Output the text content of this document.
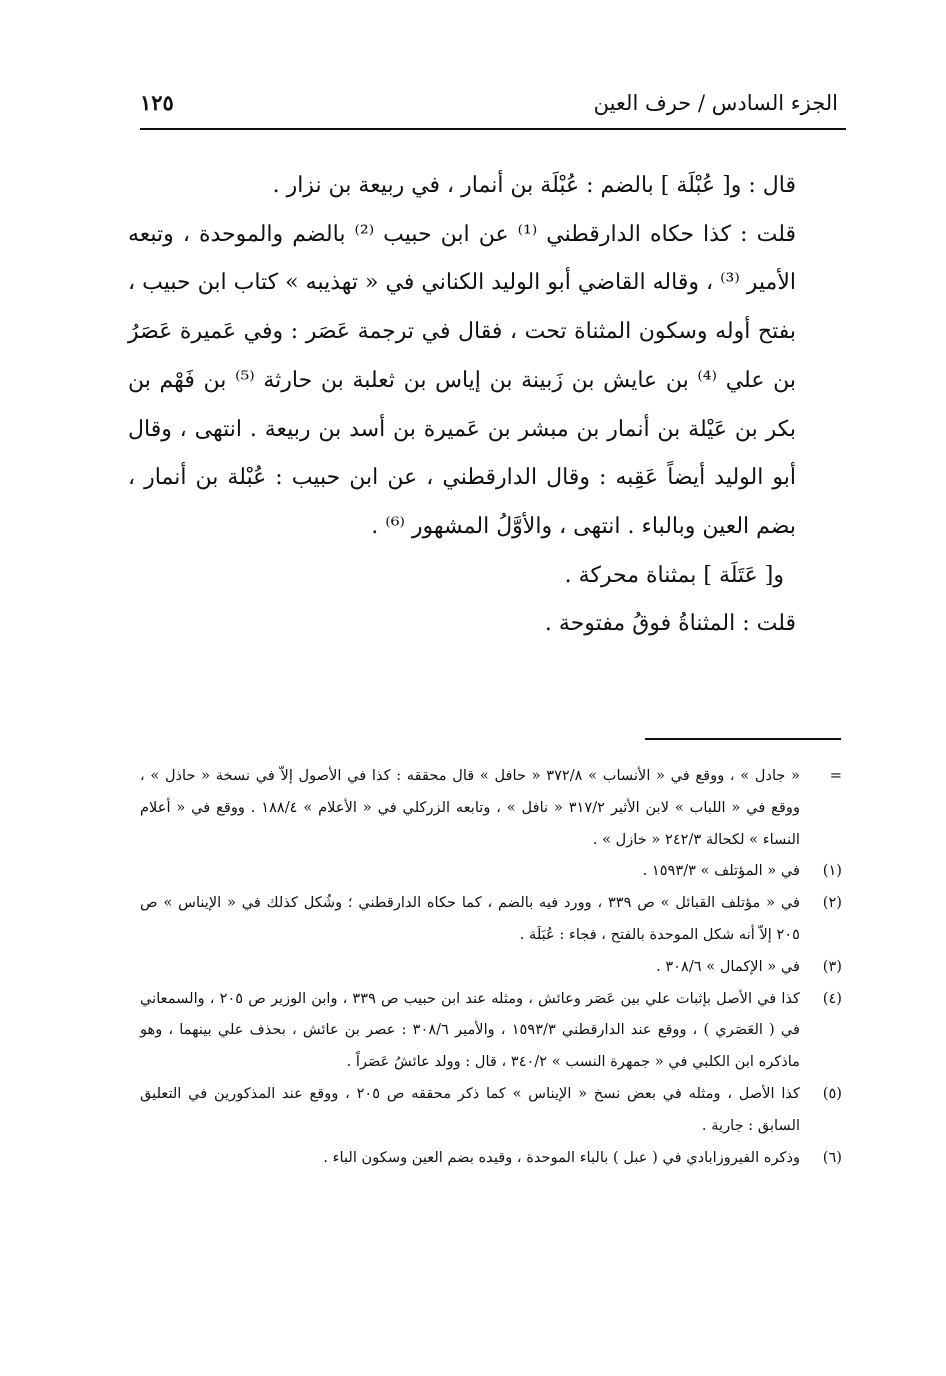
الجزء السادس / حرف العين
١٢٥

قال : و[ عُبْلَة ] بالضم : عُبْلَة بن أنمار ، في ربيعة بن نزار .

قلت : كذا حكاه الدارقطني ⁽¹⁾ عن ابن حبيب ⁽²⁾ بالضم والموحدة ، وتبعه الأمير ⁽³⁾ ، وقاله القاضي أبو الوليد الكناني في « تهذيبه » كتاب ابن حبيب ، بفتح أوله وسكون المثناة تحت ، فقال في ترجمة عَصَر : وفي عَميرة عَصَرُ بن علي ⁽⁴⁾ بن عايش بن زَبينة بن إياس بن ثعلبة بن حارثة ⁽⁵⁾ بن فَهْم بن بكر بن عَيْلة بن أنمار بن مبشر بن عَميرة بن أسد بن ربيعة . انتهى ، وقال أبو الوليد أيضاً عَقِبه : وقال الدارقطني ، عن ابن حبيب : عُبْلة بن أنمار ، بضم العين وبالباء . انتهى ، والأوَّلُ المشهور ⁽⁶⁾ .

و[ عَتَلَة ] بمثناة محركة .

قلت : المثناةُ فوقُ مفتوحة .

=
« جادل » ، ووقع في « الأنساب » ٣٧٢/٨ « حافل » قال محققه : كذا في الأصول إلاّ في نسخة « حاذل » ، ووقع في « اللباب » لابن الأثير ٣١٧/٢ « نافل » ، وتابعه الزركلي في « الأعلام » ١٨٨/٤ . ووقع في « أعلام النساء » لكحالة ٢٤٢/٣ « خازل » .

(١)
في « المؤتلف » ١٥٩٣/٣ .

(٢)
في « مؤتلف القبائل » ص ٣٣٩ ، وورد فيه بالضم ، كما حكاه الدارقطني ؛ وشُكل كذلك في « الإيناس » ص ٢٠٥ إلاّ أنه شكل الموحدة بالفتح ، فجاء : عُبَلَة .

(٣)
في « الإكمال » ٣٠٨/٦ .

(٤)
كذا في الأصل بإثبات علي بين عَصَر وعائش ، ومثله عند ابن حبيب ص ٣٣٩ ، وابن الوزير ص ٢٠٥ ، والسمعاني في ( العَصَري ) ، ووقع عند الدارقطني ١٥٩٣/٣ ، والأمير ٣٠٨/٦ : عصر بن عائش ، بحذف علي بينهما ، وهو ماذكره ابن الكلبي في « جمهرة النسب » ٣٤٠/٢ ، قال : وولد عائشُ عَصَراً .

(٥)
كذا الأصل ، ومثله في بعض نسخ « الإيناس » كما ذكر محققه ص ٢٠٥ ، ووقع عند المذكورين في التعليق السابق : جارية .

(٦)
وذكره الفيروزابادي في ( عبل ) بالباء الموحدة ، وقيده بضم العين وسكون الباء .
